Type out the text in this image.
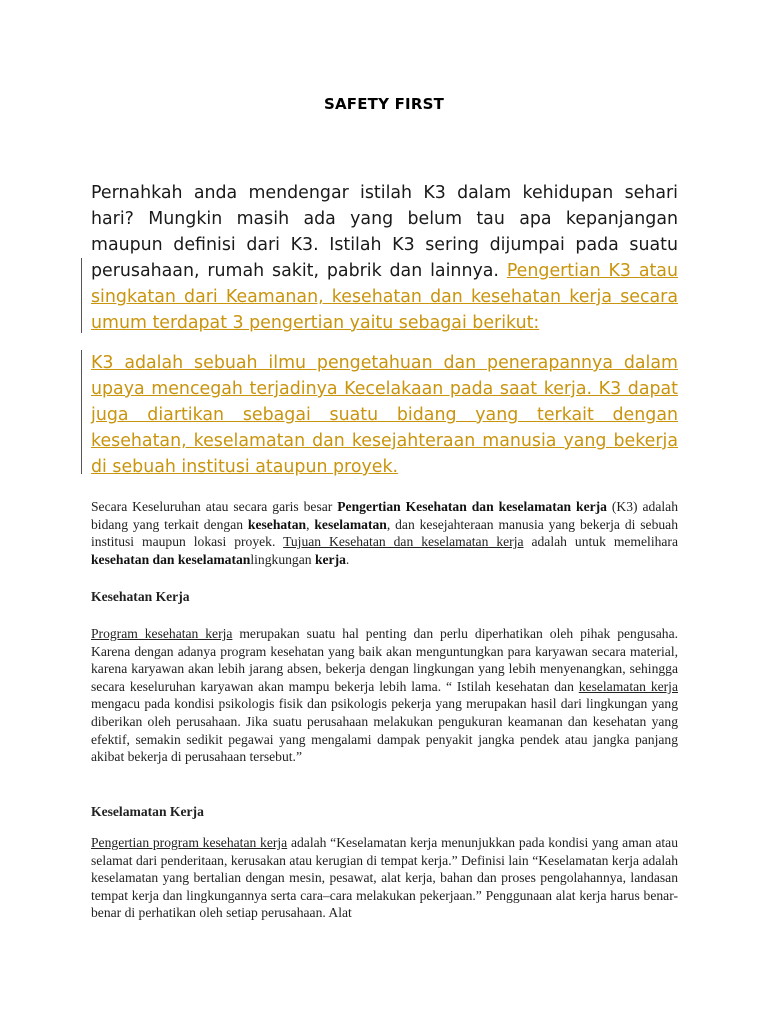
SAFETY FIRST

Pernahkah anda mendengar istilah K3 dalam kehidupan sehari hari? Mungkin masih ada yang belum tau apa kepanjangan maupun definisi dari K3. Istilah K3 sering dijumpai pada suatu perusahaan, rumah sakit, pabrik dan lainnya. Pengertian K3 atau singkatan dari Keamanan, kesehatan dan kesehatan kerja secara umum terdapat 3 pengertian yaitu sebagai berikut:

K3 adalah sebuah ilmu pengetahuan dan penerapannya dalam upaya mencegah terjadinya Kecelakaan pada saat kerja. K3 dapat juga diartikan sebagai suatu bidang yang terkait dengan kesehatan, keselamatan dan kesejahteraan manusia yang bekerja di sebuah institusi ataupun proyek.

Secara Keseluruhan atau secara garis besar Pengertian Kesehatan dan keselamatan kerja (K3) adalah bidang yang terkait dengan kesehatan, keselamatan, dan kesejahteraan manusia yang bekerja di sebuah institusi maupun lokasi proyek. Tujuan Kesehatan dan keselamatan kerja adalah untuk memelihara kesehatan dan keselamatanlingkungan kerja.

Kesehatan Kerja

Program kesehatan kerja merupakan suatu hal penting dan perlu diperhatikan oleh pihak pengusaha. Karena dengan adanya program kesehatan yang baik akan menguntungkan para karyawan secara material, karena karyawan akan lebih jarang absen, bekerja dengan lingkungan yang lebih menyenangkan, sehingga secara keseluruhan karyawan akan mampu bekerja lebih lama. “ Istilah kesehatan dan keselamatan kerja mengacu pada kondisi psikologis fisik dan psikologis pekerja yang merupakan hasil dari lingkungan yang diberikan oleh perusahaan. Jika suatu perusahaan melakukan pengukuran keamanan dan kesehatan yang efektif, semakin sedikit pegawai yang mengalami dampak penyakit jangka pendek atau jangka panjang akibat bekerja di perusahaan tersebut.”

Keselamatan Kerja

Pengertian program kesehatan kerja adalah “Keselamatan kerja menunjukkan pada kondisi yang aman atau selamat dari penderitaan, kerusakan atau kerugian di tempat kerja.” Definisi lain “Keselamatan kerja adalah keselamatan yang bertalian dengan mesin, pesawat, alat kerja, bahan dan proses pengolahannya, landasan tempat kerja dan lingkungannya serta cara–cara melakukan pekerjaan.” Penggunaan alat kerja harus benar-benar di perhatikan oleh setiap perusahaan. Alat
